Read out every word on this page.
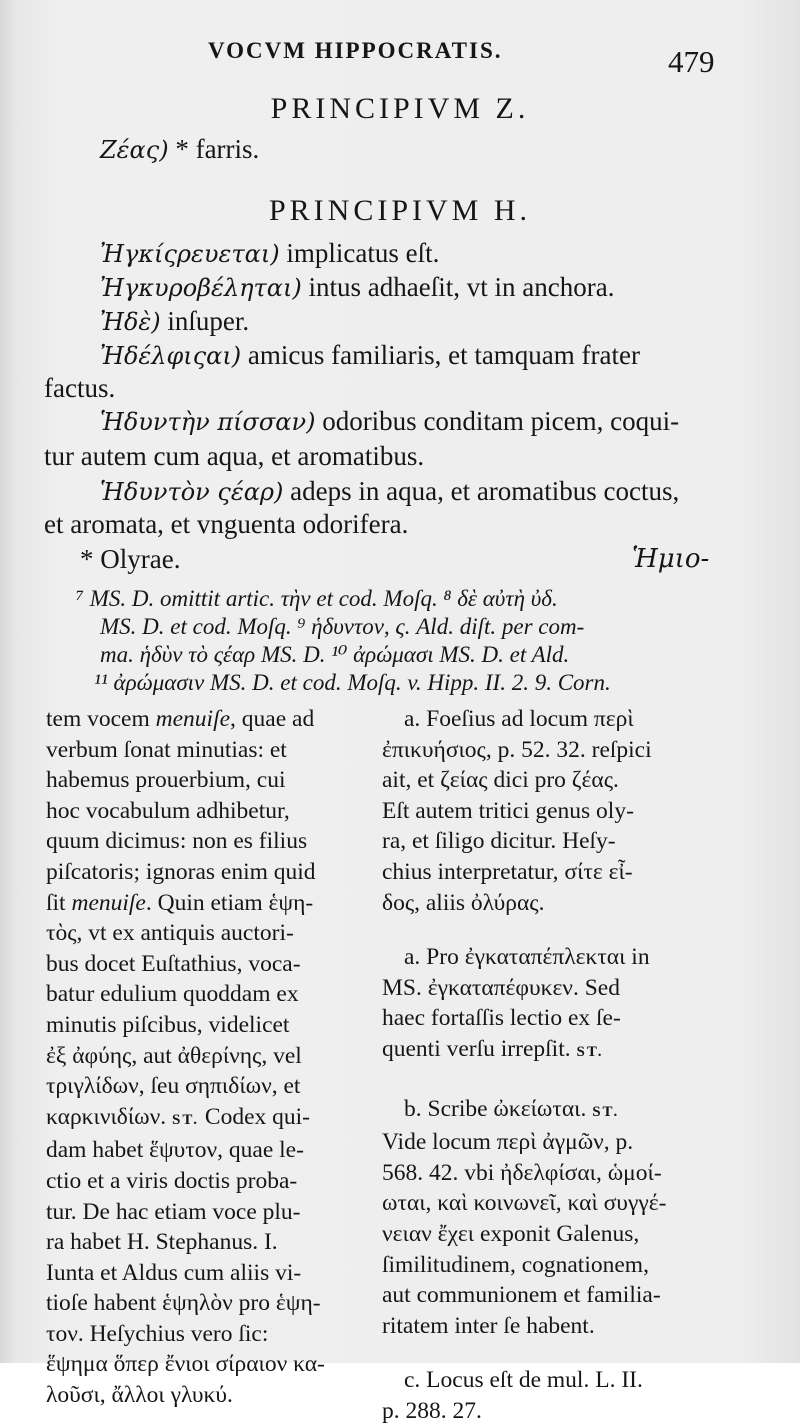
VOCVM HIPPOCRATIS.	479
PRINCIPIVM Z.
Ζέας) * farris.
PRINCIPIVM H.
Ἠγκίςρευεται) implicatus eſt.
Ἠγκυροβέληται) intus adhaeſit, vt in anchora.
Ἠδὲ) inſuper.
Ἠδέλφιςαι) amicus familiaris, et tamquam frater
factus.
Ἡδυντὴν πίσσαν) odoribus conditam picem, coqui-
tur autem cum aqua, et aromatibus.
Ἡδυντὸν ςέαρ) adeps in aqua, et aromatibus coctus,
et aromata, et vnguenta odorifera.
* Olyrae.	Ἡμιο-
⁷ MS. D. omittit artic. τὴν et cod. Moſq. ⁸ δὲ αὐτὴ ὐδ.
MS. D. et cod. Moſq. ⁹ ἡδυντον, ς. Ald. diſt. per com-
ma. ἡδὺν τὸ ςέαρ MS. D. ¹⁰ ἀρώμασι MS. D. et Ald.
¹¹ ἀρώμασιν MS. D. et cod. Moſq. v. Hipp. II. 2. 9. Corn.

tem vocem menuiſe, quae ad

verbum ſonat minutias: et

habemus prouerbium, cui

hoc vocabulum adhibetur,

quum dicimus: non es filius

piſcatoris; ignoras enim quid

ſit menuiſe. Quin etiam ἑψη-

τὸς, vt ex antiquis auctori-

bus docet Euſtathius, voca-

batur edulium quoddam ex

minutis piſcibus, videlicet

ἐξ ἀφύης, aut ἀθερίνης, vel

τριγλίδων, ſeu σηπιδίων, et

καρκινιδίων. ST. Codex qui-

dam habet ἕψυτον, quae le-

ctio et a viris doctis proba-

tur. De hac etiam voce plu-

ra habet H. Stephanus. I.

Iunta et Aldus cum aliis vi-

tioſe habent ἑψηλὸν pro ἑψη-

τον. Heſychius vero ſic:

ἕψημα ὅπερ ἔνιοι σίραιον κα-

λοῦσι, ἄλλοι γλυκύ.

a. Foeſius ad locum περὶ

ἐπικυήσιος, p. 52. 32. reſpici

ait, et ζείας dici pro ζέας.

Eſt autem tritici genus oly-

ra, et ſiligo dicitur. Heſy-

chius interpretatur, σίτε εἶ-

δος, aliis ὀλύρας.

a. Pro ἐγκαταπέπλεκται in

MS. ἐγκαταπέφυκεν. Sed

haec fortaſſis lectio ex ſe-

quenti verſu irrepſit. ST.

b. Scribe ὠκείωται. ST.

Vide locum περὶ ἀγμῶν, p.

568. 42. vbi ἠδελφίσαι, ὡμοί-

ωται, καὶ κοινωνεῖ, καὶ συγγέ-

νειαν ἔχει exponit Galenus,

ſimilitudinem, cognationem,

aut communionem et familia-

ritatem inter ſe habent.

c. Locus eſt de mul. L. II.

p. 288. 27.
